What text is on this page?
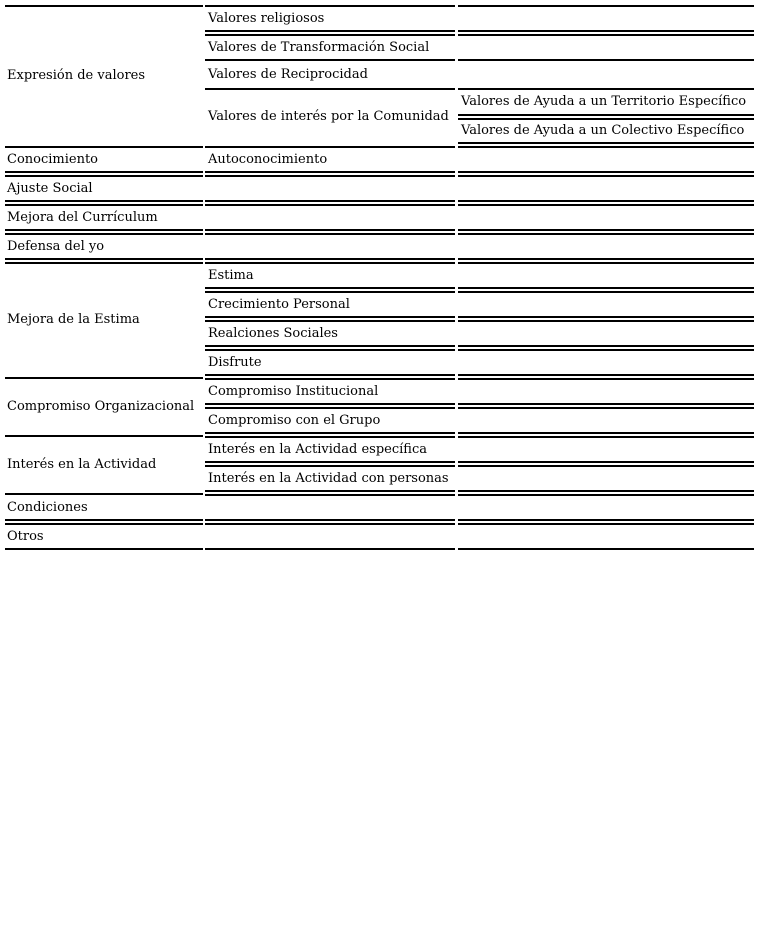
Expresión de valores
Conocimiento
Ajuste Social
Mejora del Currículum
Defensa del yo
Mejora de la Estima
Compromiso Organizacional
Interés en la Actividad
Condiciones
Otros
Valores religiosos
Valores de Transformación Social
Valores de Reciprocidad
Valores de interés por la Comunidad
Autoconocimiento
Estima
Crecimiento Personal
Realciones Sociales
Disfrute
Compromiso Institucional
Compromiso con el Grupo
Interés en la Actividad específica
Interés en la Actividad con personas
Valores de Ayuda a un Territorio Específico
Valores de Ayuda a un Colectivo Específico
